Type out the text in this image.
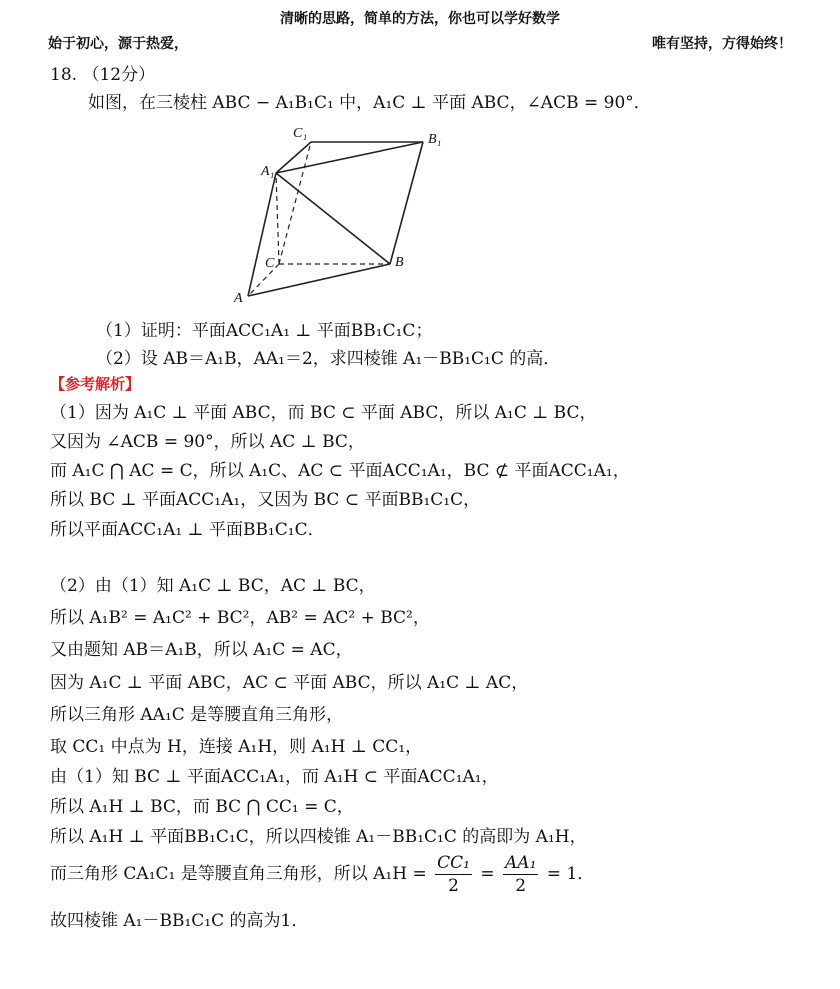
清晰的思路，简单的方法，你也可以学好数学
始于初心，源于热爱，	唯有坚持，方得始终！
18. （12分）
如图，在三棱柱 ABC − A₁B₁C₁ 中，A₁C ⊥ 平面 ABC，∠ACB = 90°．
C₁	B₁
A₁
C	B
A
（1）证明：平面ACC₁A₁ ⊥ 平面BB₁C₁C；
（2）设 AB＝A₁B，AA₁＝2，求四棱锥 A₁－BB₁C₁C 的高．
【参考解析】
（1）因为 A₁C ⊥ 平面 ABC，而 BC ⊂ 平面 ABC，所以 A₁C ⊥ BC，
又因为 ∠ACB = 90°，所以 AC ⊥ BC，
而 A₁C ⋂ AC = C，所以 A₁C、AC ⊂ 平面ACC₁A₁，BC ⊄ 平面ACC₁A₁，
所以 BC ⊥ 平面ACC₁A₁，又因为 BC ⊂ 平面BB₁C₁C，
所以平面ACC₁A₁ ⊥ 平面BB₁C₁C．
（2）由（1）知 A₁C ⊥ BC，AC ⊥ BC，
所以 A₁B² = A₁C² + BC²，AB² = AC² + BC²，
又由题知 AB＝A₁B，所以 A₁C = AC，
因为 A₁C ⊥ 平面 ABC，AC ⊂ 平面 ABC，所以 A₁C ⊥ AC，
所以三角形 AA₁C 是等腰直角三角形，
取 CC₁ 中点为 H，连接 A₁H，则 A₁H ⊥ CC₁，
由（1）知 BC ⊥ 平面ACC₁A₁，而 A₁H ⊂ 平面ACC₁A₁，
所以 A₁H ⊥ BC，而 BC ⋂ CC₁ = C，
所以 A₁H ⊥ 平面BB₁C₁C，所以四棱锥 A₁－BB₁C₁C 的高即为 A₁H，
而三角形 CA₁C₁ 是等腰直角三角形，所以 $A_1H = \frac{\text{CC₁}}{2} = \frac{\text{AA₁}}{2} = 1$．
故四棱锥 A₁－BB₁C₁C 的高为1．
